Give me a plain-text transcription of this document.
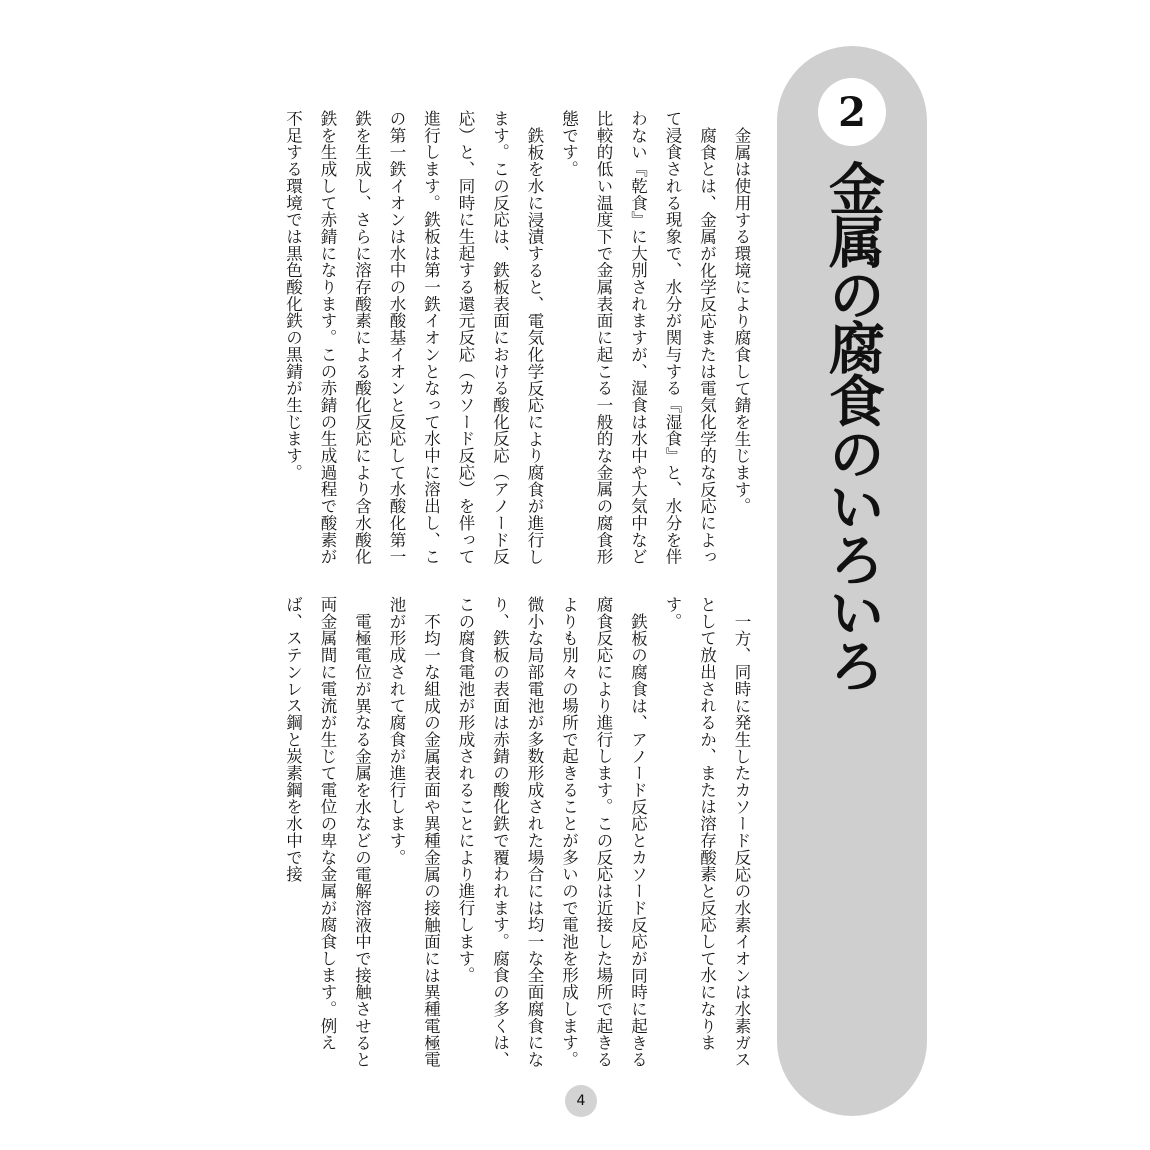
2
金属の腐食のいろいろ

金属は使用する環境により腐食して錆を生じます。

腐食とは、金属が化学反応または電気化学的な反応によって浸食される現象で、水分が関与する『湿食』と、水分を伴わない『乾食』に大別されますが、湿食は水中や大気中など比較的低い温度下で金属表面に起こる一般的な金属の腐食形態です。

鉄板を水に浸漬すると、電気化学反応により腐食が進行します。この反応は、鉄板表面における酸化反応（アノード反応）と、同時に生起する還元反応（カソード反応）を伴って進行します。鉄板は第一鉄イオンとなって水中に溶出し、この第一鉄イオンは水中の水酸基イオンと反応して水酸化第一鉄を生成し、さらに溶存酸素による酸化反応により含水酸化鉄を生成して赤錆になります。この赤錆の生成過程で酸素が不足する環境では黒色酸化鉄の黒錆が生じます。

一方、同時に発生したカソード反応の水素イオンは水素ガスとして放出されるか、または溶存酸素と反応して水になります。

鉄板の腐食は、アノード反応とカソード反応が同時に起きる腐食反応により進行します。この反応は近接した場所で起きるよりも別々の場所で起きることが多いので電池を形成します。微小な局部電池が多数形成された場合には均一な全面腐食になり、鉄板の表面は赤錆の酸化鉄で覆われます。腐食の多くは、この腐食電池が形成されることにより進行します。

不均一な組成の金属表面や異種金属の接触面には異種電極電池が形成されて腐食が進行します。

電極電位が異なる金属を水などの電解溶液中で接触させると両金属間に電流が生じて電位の卑な金属が腐食します。例えば、ステンレス鋼と炭素鋼を水中で接

4
